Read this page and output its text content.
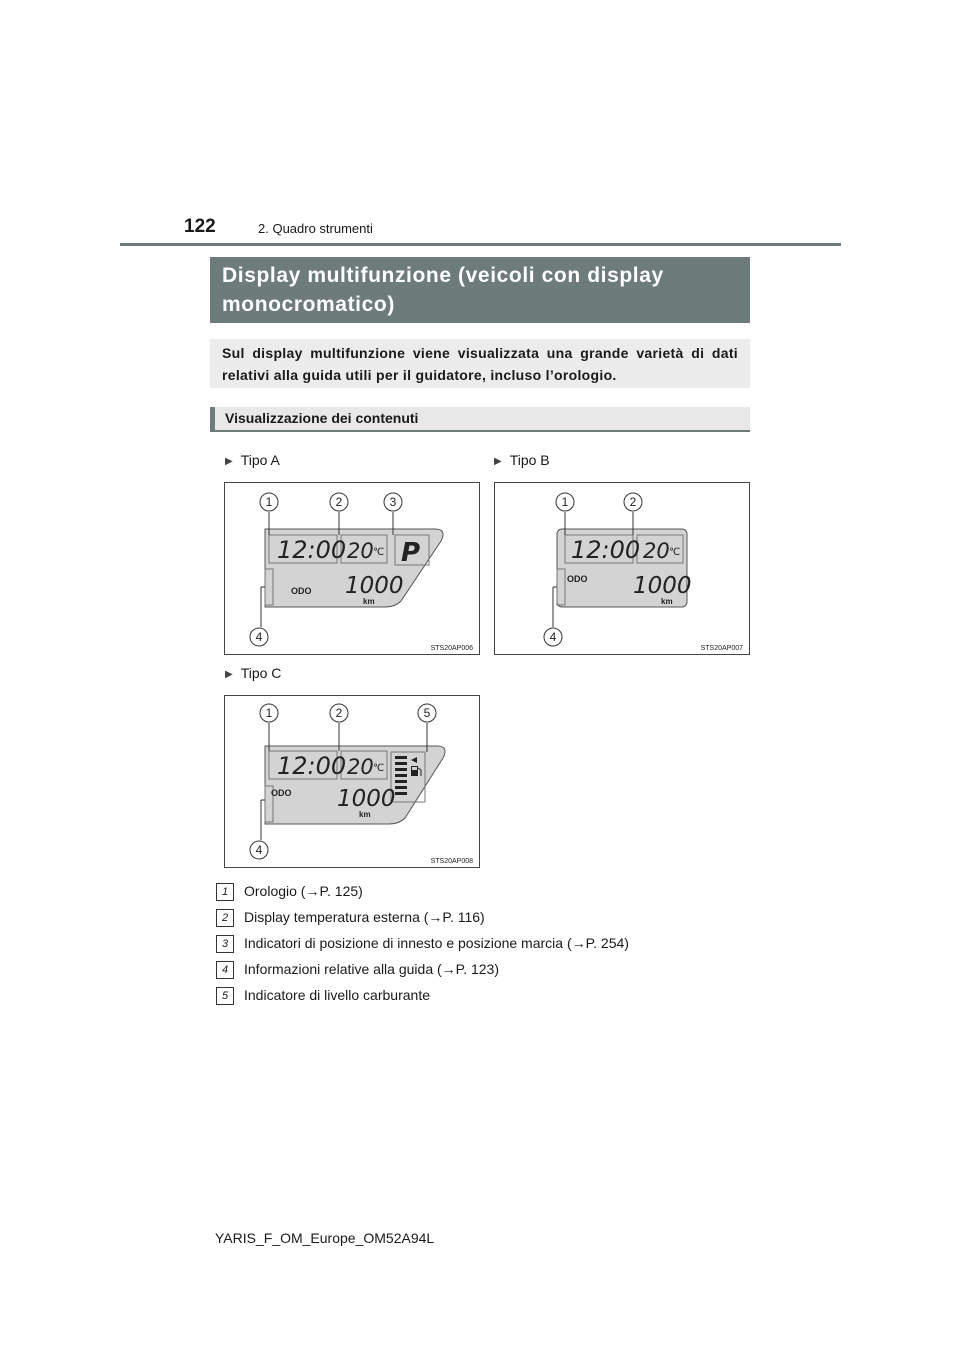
122	2. Quadro strumenti
Display multifunzione (veicoli con display monocromatico)
Sul display multifunzione viene visualizzata una grande varietà di dati relativi alla guida utili per il guidatore, incluso l’orologio.
Visualizzazione dei contenuti
▶ Tipo A	▶ Tipo B
▶ Tipo C
12:00 20 ℃ P
ODO 1000
km
1	2	3
4
STS20AP006
12:00 20 ℃
ODO 1000
km
1	2
4
STS20AP007
12:00 20 ℃
ODO 1000
km
1	2	5
4
STS20AP008
1 Orologio (→P. 125)
2 Display temperatura esterna (→P. 116)
3 Indicatori di posizione di innesto e posizione marcia (→P. 254)
4 Informazioni relative alla guida (→P. 123)
5 Indicatore di livello carburante
YARIS_F_OM_Europe_OM52A94L
